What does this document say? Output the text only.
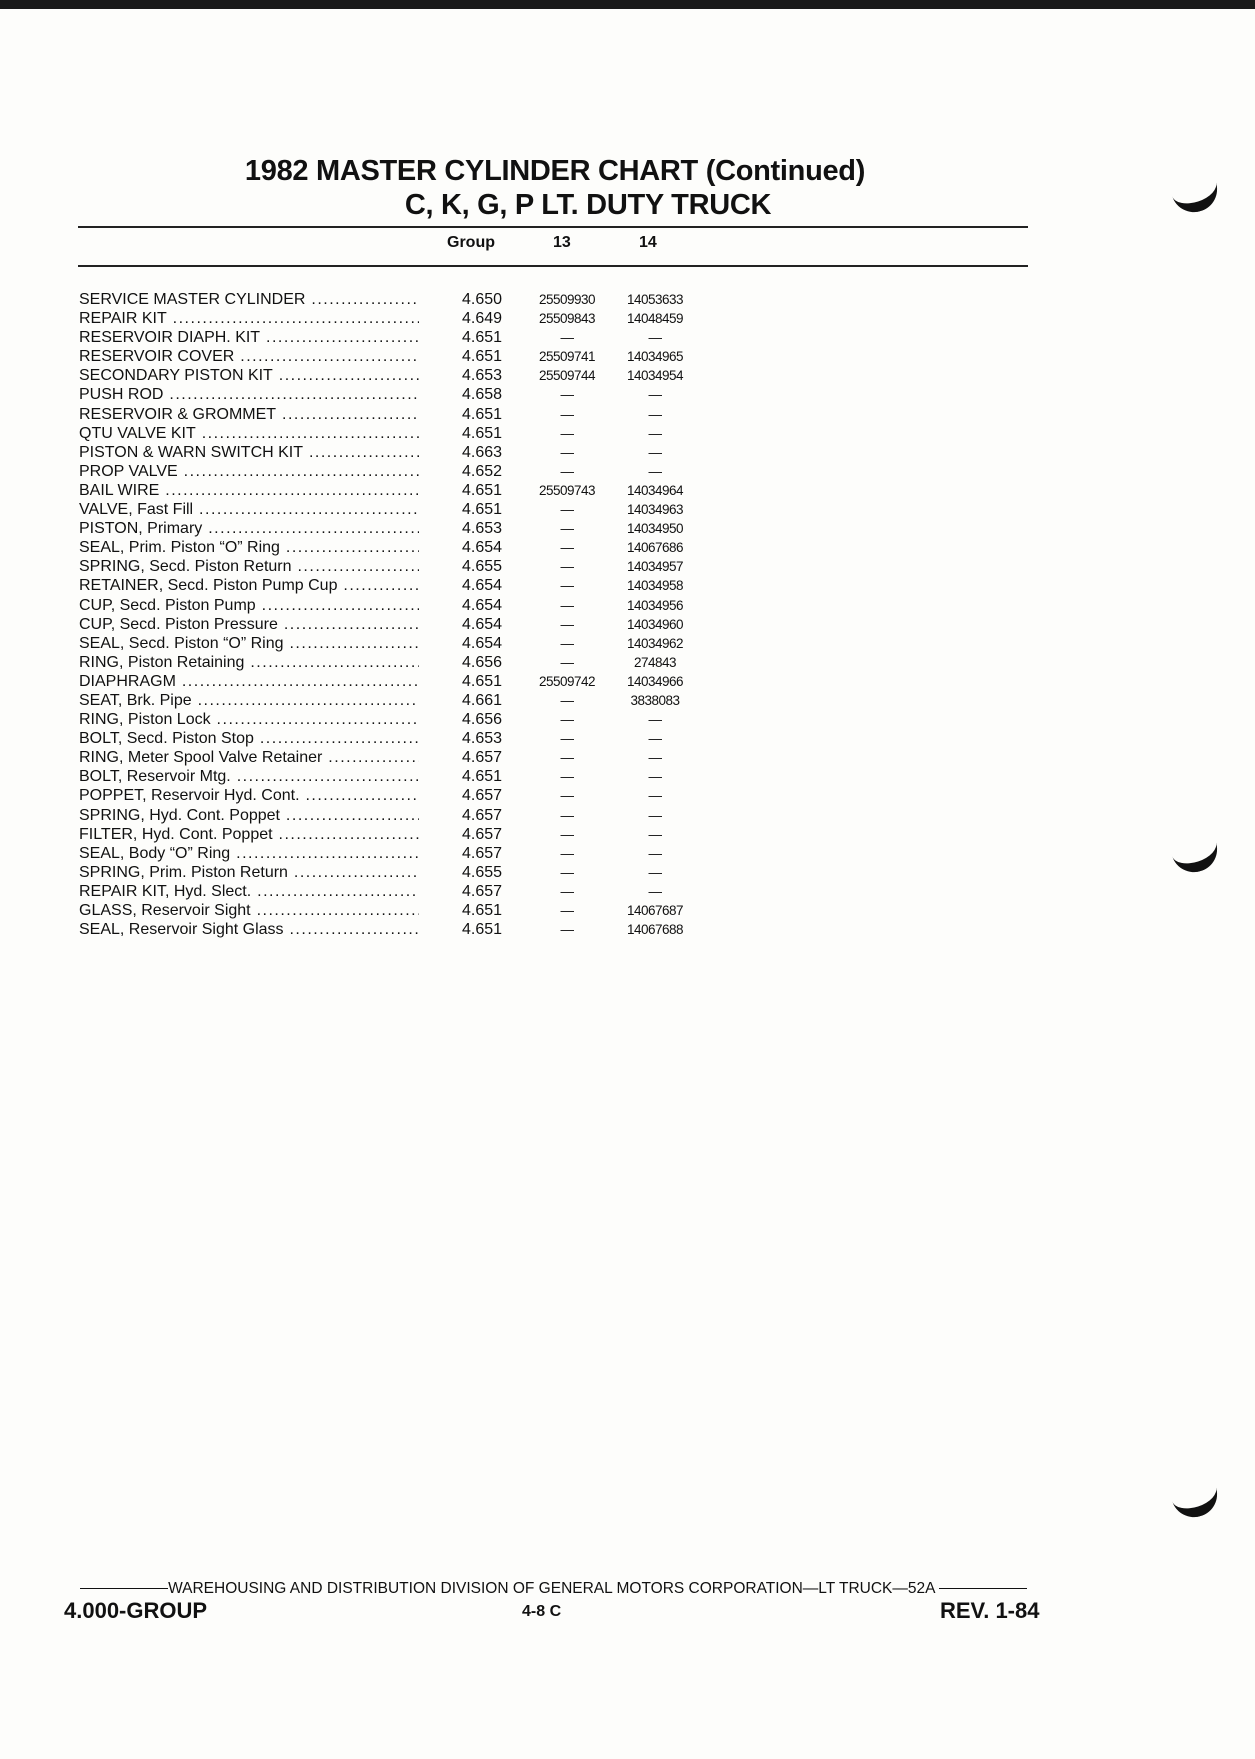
1982 MASTER CYLINDER CHART (Continued)
C, K, G, P LT. DUTY TRUCK
Group	13	14
SERVICE MASTER CYLINDER .....	4.650	25509930	14053633
REPAIR KIT .....	4.649	25509843	14048459
RESERVOIR DIAPH. KIT .....	4.651	—	—
RESERVOIR COVER .....	4.651	25509741	14034965
SECONDARY PISTON KIT .....	4.653	25509744	14034954
PUSH ROD .....	4.658	—	—
RESERVOIR & GROMMET .....	4.651	—	—
QTU VALVE KIT .....	4.651	—	—
PISTON & WARN SWITCH KIT .....	4.663	—	—
PROP VALVE .....	4.652	—	—
BAIL WIRE .....	4.651	25509743	14034964
VALVE, Fast Fill .....	4.651	—	14034963
PISTON, Primary .....	4.653	—	14034950
SEAL, Prim. Piston “O” Ring .....	4.654	—	14067686
SPRING, Secd. Piston Return .....	4.655	—	14034957
RETAINER, Secd. Piston Pump Cup .....	4.654	—	14034958
CUP, Secd. Piston Pump .....	4.654	—	14034956
CUP, Secd. Piston Pressure .....	4.654	—	14034960
SEAL, Secd. Piston “O” Ring .....	4.654	—	14034962
RING, Piston Retaining .....	4.656	—	274843
DIAPHRAGM .....	4.651	25509742	14034966
SEAT, Brk. Pipe .....	4.661	—	3838083
RING, Piston Lock .....	4.656	—	—
BOLT, Secd. Piston Stop .....	4.653	—	—
RING, Meter Spool Valve Retainer .....	4.657	—	—
BOLT, Reservoir Mtg. .....	4.651	—	—
POPPET, Reservoir Hyd. Cont. .....	4.657	—	—
SPRING, Hyd. Cont. Poppet .....	4.657	—	—
FILTER, Hyd. Cont. Poppet .....	4.657	—	—
SEAL, Body “O” Ring .....	4.657	—	—
SPRING, Prim. Piston Return .....	4.655	—	—
REPAIR KIT, Hyd. Slect. .....	4.657	—	—
GLASS, Reservoir Sight .....	4.651	—	14067687
SEAL, Reservoir Sight Glass .....	4.651	—	14067688
WAREHOUSING AND DISTRIBUTION DIVISION OF GENERAL MOTORS CORPORATION—LT TRUCK—52A
4.000-GROUP	4-8 C	REV. 1-84
